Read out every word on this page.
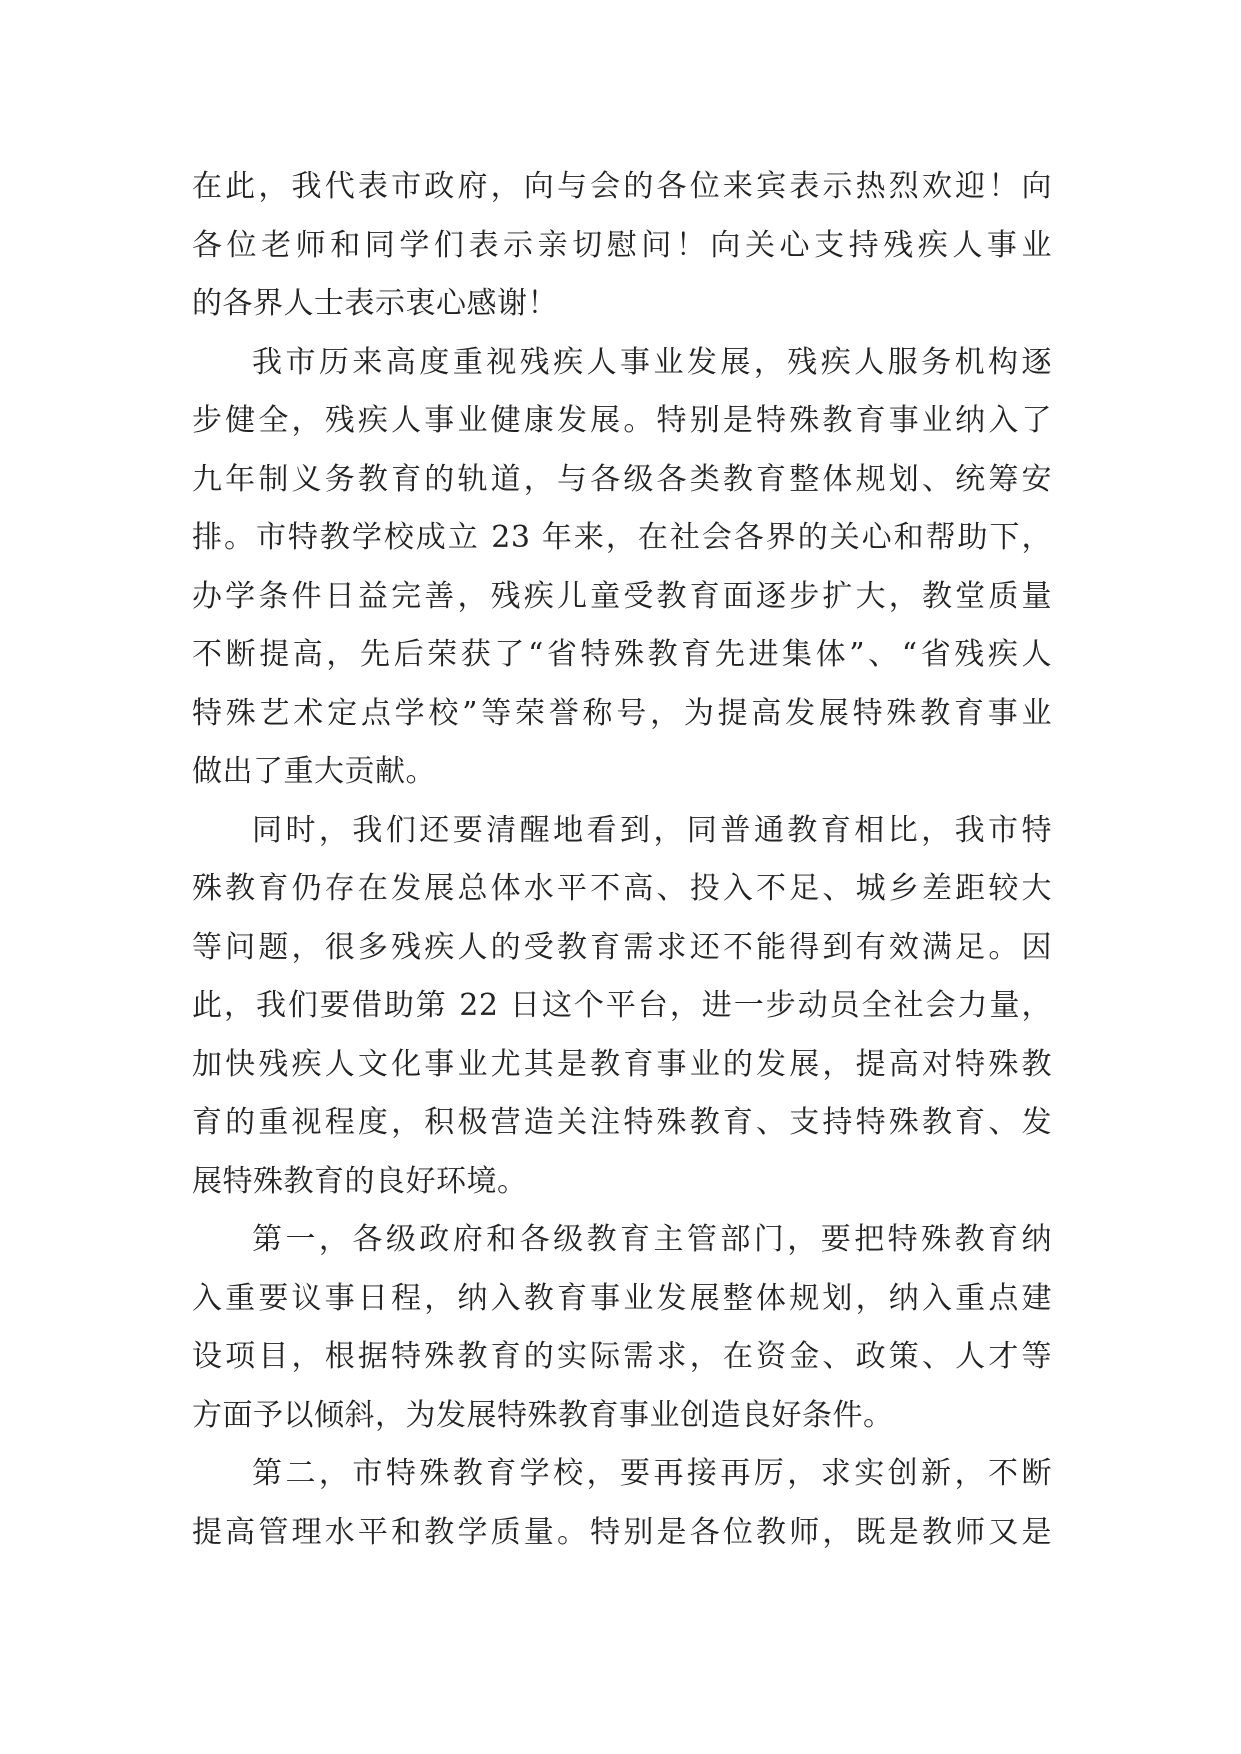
在此，我代表市政府，向与会的各位来宾表示热烈欢迎！向
各位老师和同学们表示亲切慰问！向关心支持残疾人事业
的各界人士表示衷心感谢！
我市历来高度重视残疾人事业发展，残疾人服务机构逐
步健全，残疾人事业健康发展。特别是特殊教育事业纳入了
九年制义务教育的轨道，与各级各类教育整体规划、统筹安
排。市特教学校成立 23 年来，在社会各界的关心和帮助下，
办学条件日益完善，残疾儿童受教育面逐步扩大，教堂质量
不断提高，先后荣获了“省特殊教育先进集体”、“省残疾人
特殊艺术定点学校”等荣誉称号，为提高发展特殊教育事业
做出了重大贡献。
同时，我们还要清醒地看到，同普通教育相比，我市特
殊教育仍存在发展总体水平不高、投入不足、城乡差距较大
等问题，很多残疾人的受教育需求还不能得到有效满足。因
此，我们要借助第 22 日这个平台，进一步动员全社会力量，
加快残疾人文化事业尤其是教育事业的发展，提高对特殊教
育的重视程度，积极营造关注特殊教育、支持特殊教育、发
展特殊教育的良好环境。
第一，各级政府和各级教育主管部门，要把特殊教育纳
入重要议事日程，纳入教育事业发展整体规划，纳入重点建
设项目，根据特殊教育的实际需求，在资金、政策、人才等
方面予以倾斜，为发展特殊教育事业创造良好条件。
第二，市特殊教育学校，要再接再厉，求实创新，不断
提高管理水平和教学质量。特别是各位教师，既是教师又是
